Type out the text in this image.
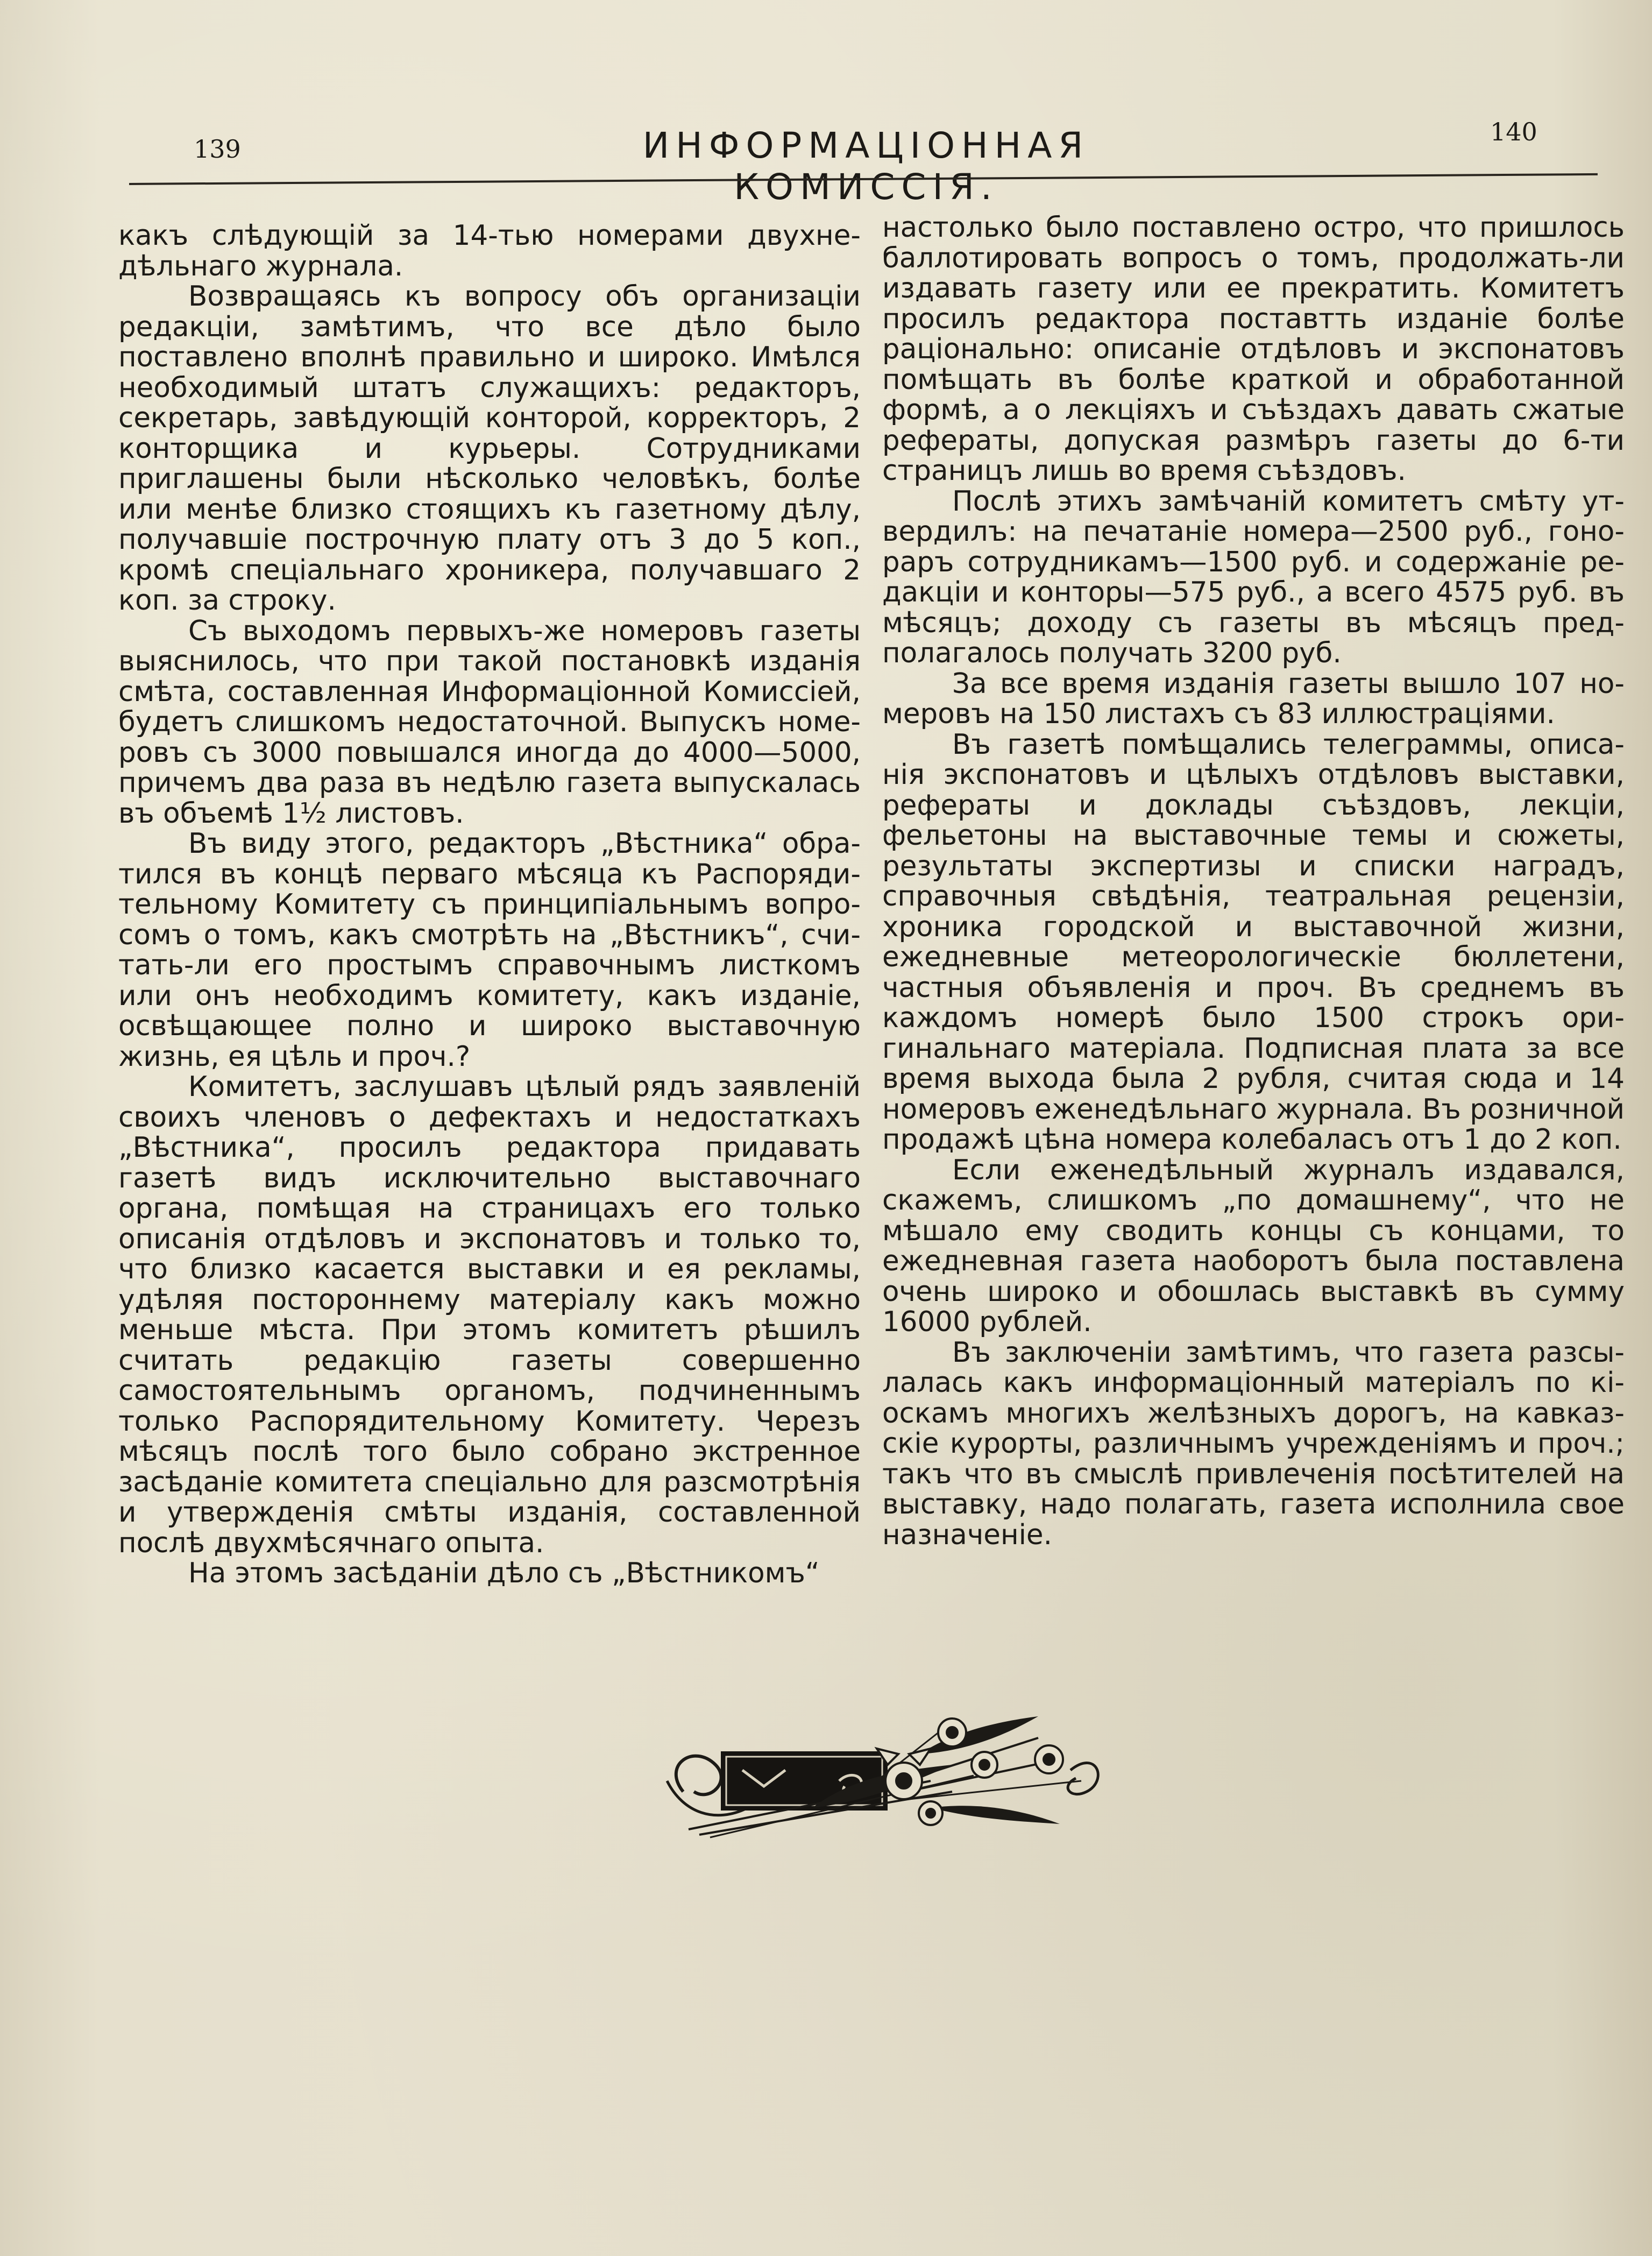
139	ИНФОРМАЦІОННАЯ КОМИССІЯ.
140

какъ слѣдующій за 14-тью номерами двухнедѣльнаго журнала.

Возвращаясь къ вопросу объ организаціи редакціи, замѣтимъ, что все дѣло было поставлено вполнѣ правильно и широко. Имѣлся необходимый штатъ служащихъ: редакторъ, секретарь, завѣдующій конторой, корректоръ, 2 конторщика и курьеры. Сотрудниками приглашены были нѣсколько человѣкъ, болѣе или менѣе близко стоящихъ къ газетному дѣлу, получавшіе построчную плату отъ 3 до 5 коп., кромѣ спеціальнаго хроникера, получавшаго 2 коп. за строку.

Съ выходомъ первыхъ-же номеровъ газеты выяснилось, что при такой постановкѣ изданія смѣта, составленная Информаціонной Комиссіей, будетъ слишкомъ недостаточной. Выпускъ номеровъ съ 3000 повышался иногда до 4000—5000, причемъ два раза въ недѣлю газета выпускалась въ объемѣ 1½ листовъ.

Въ виду этого, редакторъ „Вѣстника“ обратился въ концѣ перваго мѣсяца къ Распорядительному Комитету съ принципіальнымъ вопросомъ о томъ, какъ смотрѣть на „Вѣстникъ“, считать-ли его простымъ справочнымъ листкомъ или онъ необходимъ комитету, какъ изданіе, освѣщающее полно и широко выставочную жизнь, ея цѣль и проч.?

Комитетъ, заслушавъ цѣлый рядъ заявленій своихъ членовъ о дефектахъ и недостаткахъ „Вѣстника“, просилъ редактора придавать газетѣ видъ исключительно выставочнаго органа, помѣщая на страницахъ его только описанія отдѣловъ и экспонатовъ и только то, что близко касается выставки и ея рекламы, удѣляя постороннему матеріалу какъ можно меньше мѣста. При этомъ комитетъ рѣшилъ считать редакцію газеты совершенно самостоятельнымъ органомъ, подчиненнымъ только Распорядительному Комитету. Черезъ мѣсяцъ послѣ того было собрано экстренное засѣданіе комитета спеціально для разсмотрѣнія и утвержденія смѣты изданія, составленной послѣ двухмѣсячнаго опыта.

На этомъ засѣданіи дѣло съ „Вѣстникомъ“

настолько было поставлено остро, что пришлось баллотировать вопросъ о томъ, продолжать-ли издавать газету или ее прекратить. Комитетъ просилъ редактора поставтть изданіе болѣе раціонально: описаніе отдѣловъ и экспонатовъ помѣщать въ болѣе краткой и обработанной формѣ, а о лекціяхъ и съѣздахъ давать сжатые рефераты, допуская размѣръ газеты до 6-ти страницъ лишь во время съѣздовъ.

Послѣ этихъ замѣчаній комитетъ смѣту утвердилъ: на печатаніе номера—2500 руб., гонораръ сотрудникамъ—1500 руб. и содержаніе редакціи и конторы—575 руб., а всего 4575 руб. въ мѣсяцъ; доходу съ газеты въ мѣсяцъ предполагалось получать 3200 руб.

За все время изданія газеты вышло 107 номеровъ на 150 листахъ съ 83 иллюстраціями.

Въ газетѣ помѣщались телеграммы, описанія экспонатовъ и цѣлыхъ отдѣловъ выставки, рефераты и доклады съѣздовъ, лекціи, фельетоны на выставочные темы и сюжеты, результаты экспертизы и списки наградъ, справочныя свѣдѣнія, театральная рецензіи, хроника городской и выставочной жизни, ежедневные метеорологическіе бюллетени, частныя объявленія и проч. Въ среднемъ въ каждомъ номерѣ было 1500 строкъ оригинальнаго матеріала. Подписная плата за все время выхода была 2 рубля, считая сюда и 14 номеровъ еженедѣльнаго журнала. Въ розничной продажѣ цѣна номера колебаласъ отъ 1 до 2 коп.

Если еженедѣльный журналъ издавался, скажемъ, слишкомъ „по домашнему“, что не мѣшало ему сводить концы съ концами, то ежедневная газета наоборотъ была поставлена очень широко и обошлась выставкѣ въ сумму 16000 рублей.

Въ заключеніи замѣтимъ, что газета разсылалась какъ информаціонный матеріалъ по кіоскамъ многихъ желѣзныхъ дорогъ, на кавказскіе курорты, различнымъ учрежденіямъ и проч.; такъ что въ смыслѣ привлеченія посѣтителей на выставку, надо полагать, газета исполнила свое назначеніе.
